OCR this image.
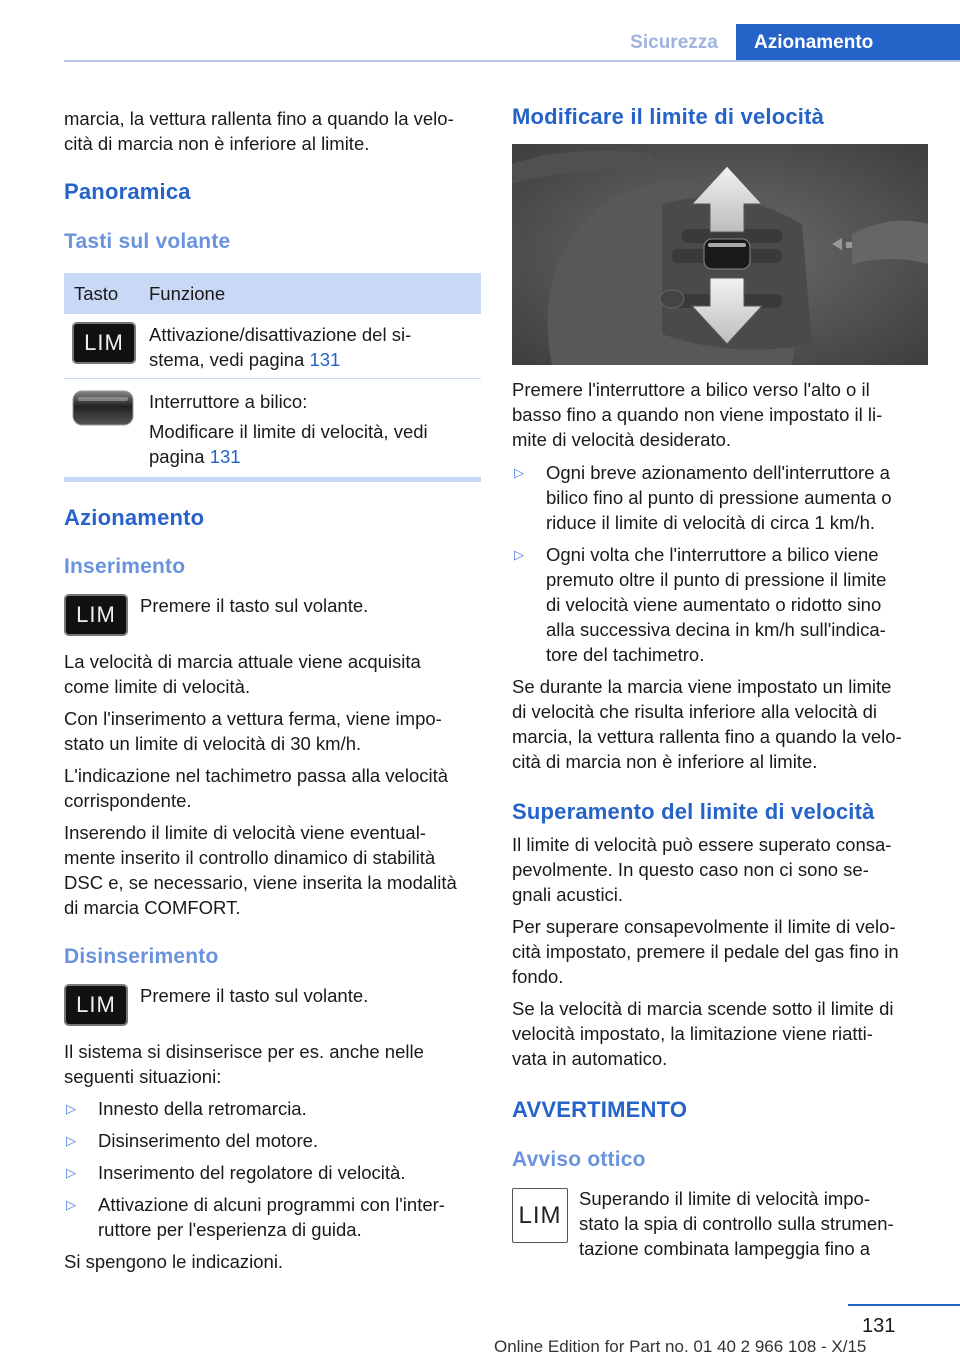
Sicurezza	Azionamento

marcia, la vettura rallenta fino a quando la velo-

cità di marcia non è inferiore al limite.

Panoramica
Tasti sul volante
Tasto Funzione
LIM	Attivazione/disattivazione del si-

stema, vedi pagina 131

Interruttore a bilico:

Modificare il limite di velocità, vedi

pagina 131

Azionamento
Inserimento
LIM	Premere il tasto sul volante.

La velocità di marcia attuale viene acquisita

come limite di velocità.

Con l'inserimento a vettura ferma, viene impo-

stato un limite di velocità di 30 km/h.

L'indicazione nel tachimetro passa alla velocità

corrispondente.

Inserendo il limite di velocità viene eventual-

mente inserito il controllo dinamico di stabilità

DSC e, se necessario, viene inserita la modalità

di marcia COMFORT.

Disinserimento
LIM	Premere il tasto sul volante.

Il sistema si disinserisce per es. anche nelle

seguenti situazioni:

▷ Innesto della retromarcia.

▷ Disinserimento del motore.

▷ Inserimento del regolatore di velocità.

▷ Attivazione di alcuni programmi con l'inter-

ruttore per l'esperienza di guida.

Si spengono le indicazioni.

Modificare il limite di velocità

Premere l'interruttore a bilico verso l'alto o il

basso fino a quando non viene impostato il li-

mite di velocità desiderato.

▷ Ogni breve azionamento dell'interruttore a

bilico fino al punto di pressione aumenta o

riduce il limite di velocità di circa 1 km/h.

▷ Ogni volta che l'interruttore a bilico viene

premuto oltre il punto di pressione il limite

di velocità viene aumentato o ridotto sino

alla successiva decina in km/h sull'indica-

tore del tachimetro.

Se durante la marcia viene impostato un limite

di velocità che risulta inferiore alla velocità di

marcia, la vettura rallenta fino a quando la velo-

cità di marcia non è inferiore al limite.

Superamento del limite di velocità

Il limite di velocità può essere superato consa-

pevolmente. In questo caso non ci sono se-

gnali acustici.

Per superare consapevolmente il limite di velo-

cità impostato, premere il pedale del gas fino in

fondo.

Se la velocità di marcia scende sotto il limite di

velocità impostato, la limitazione viene riatti-

vata in automatico.

AVVERTIMENTO
Avviso ottico
LIM

Superando il limite di velocità impo-

stato la spia di controllo sulla strumen-

tazione combinata lampeggia fino a

131
Online Edition for Part no. 01 40 2 966 108 - X/15
